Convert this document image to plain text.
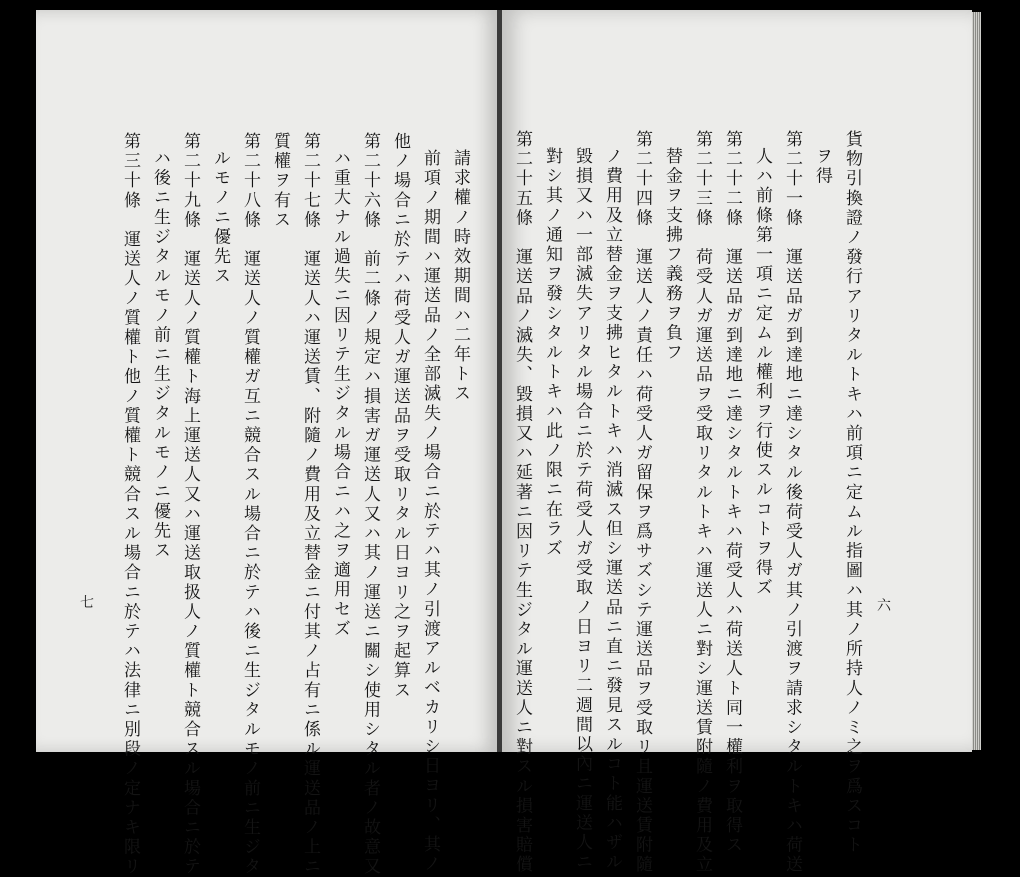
請求權ノ時效期間ハ二年トス
前項ノ期間ハ運送品ノ全部滅失ノ場合ニ於テハ其ノ引渡アルベカリシ日ヨリ、其ノ
他ノ場合ニ於テハ荷受人ガ運送品ヲ受取リタル日ヨリ之ヲ起算ス
第二十六條　前二條ノ規定ハ損害ガ運送人又ハ其ノ運送ニ關シ使用シタル者ノ故意又
ハ重大ナル過失ニ因リテ生ジタル場合ニハ之ヲ適用セズ
第二十七條　運送人ハ運送賃、附隨ノ費用及立替金ニ付其ノ占有ニ係ル運送品ノ上ニ
質權ヲ有ス
第二十八條　運送人ノ質權ガ互ニ競合スル場合ニ於テハ後ニ生ジタルモノ前ニ生ジタ
ルモノニ優先ス
第二十九條　運送人ノ質權ト海上運送人又ハ運送取扱人ノ質權ト競合スル場合ニ於テ
ハ後ニ生ジタルモノ前ニ生ジタルモノニ優先ス
第三十條　運送人ノ質權ト他ノ質權ト競合スル場合ニ於テハ法律ニ別段ノ定ナキ限リ
七	貨物引換證ノ發行アリタルトキハ前項ニ定ムル指圖ハ其ノ所持人ノミ之ヲ爲スコト
ヲ得
第二十一條　運送品ガ到達地ニ達シタル後荷受人ガ其ノ引渡ヲ請求シタルトキハ荷送
人ハ前條第一項ニ定ムル權利ヲ行使スルコトヲ得ズ
第二十二條　運送品ガ到達地ニ達シタルトキハ荷受人ハ荷送人ト同一權利ヲ取得ス
第二十三條　荷受人ガ運送品ヲ受取リタルトキハ運送人ニ對シ運送賃附隨ノ費用及立
替金ヲ支拂フ義務ヲ負フ
第二十四條　運送人ノ責任ハ荷受人ガ留保ヲ爲サズシテ運送品ヲ受取リ且運送賃附隨
ノ費用及立替金ヲ支拂ヒタルトキハ消滅ス但シ運送品ニ直ニ發見スルコト能ハザル
毀損又ハ一部滅失アリタル場合ニ於テ荷受人ガ受取ノ日ヨリ二週間以內ニ運送人ニ
對シ其ノ通知ヲ發シタルトキハ此ノ限ニ在ラズ
第二十五條　運送品ノ滅失、毀損又ハ延著ニ因リテ生ジタル運送人ニ對スル損害賠償	六
